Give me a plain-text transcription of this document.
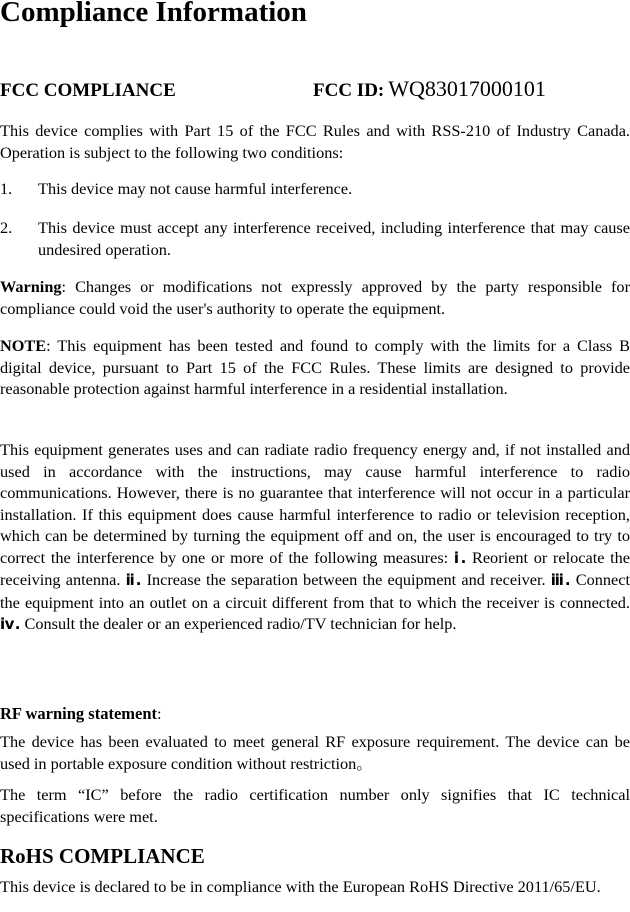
Compliance Information
FCC COMPLIANCE	FCC ID: WQ83017000101

This device complies with Part 15 of the FCC Rules and with RSS-210 of Industry Canada. Operation is subject to the following two conditions:

1. This device may not cause harmful interference.
2. This device must accept any interference received, including interference that may cause undesired operation.

Warning: Changes or modifications not expressly approved by the party responsible for compliance could void the user's authority to operate the equipment.

NOTE: This equipment has been tested and found to comply with the limits for a Class B digital device, pursuant to Part 15 of the FCC Rules. These limits are designed to provide reasonable protection against harmful interference in a residential installation.

This equipment generates uses and can radiate radio frequency energy and, if not installed and used in accordance with the instructions, may cause harmful interference to radio communications. However, there is no guarantee that interference will not occur in a particular installation. If this equipment does cause harmful interference to radio or television reception, which can be determined by turning the equipment off and on, the user is encouraged to try to correct the interference by one or more of the following measures: ⅰ. Reorient or relocate the receiving antenna. ⅱ. Increase the separation between the equipment and receiver. ⅲ. Connect the equipment into an outlet on a circuit different from that to which the receiver is connected. ⅳ. Consult the dealer or an experienced radio/TV technician for help.

RF warning statement:

The device has been evaluated to meet general RF exposure requirement. The device can be used in portable exposure condition without restriction。

The term “IC” before the radio certification number only signifies that IC technical specifications were met.

RoHS COMPLIANCE

This device is declared to be in compliance with the European RoHS Directive 2011/65/EU.
